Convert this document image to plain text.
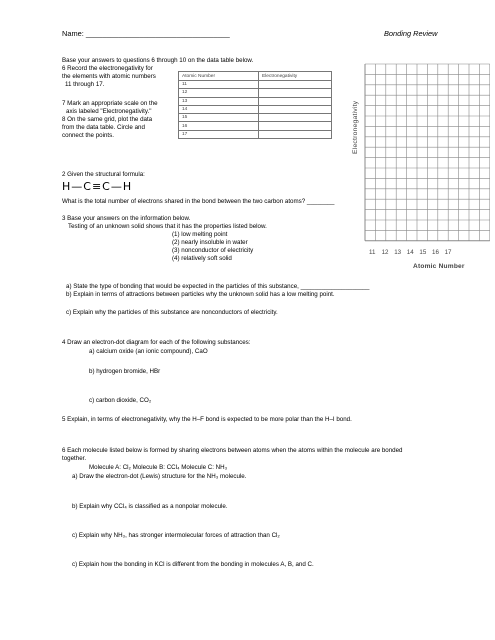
Name: ___________________________________	Bonding Review
Base your answers to questions 6 through 10 on the data table below.
6 Record the electronegativity for
the elements with atomic numbers
11 through 17.
7 Mark an appropriate scale on the
axis labeled "Electronegativity."
8 On the same grid, plot the data
from the data table. Circle and
connect the points.
Atomic Number	Electronegativity
11	
12	
13	
14	
15	
16	
17		Electronegativity
11 12 13 14 15 16 17
Atomic Number
2 Given the structural formula:
H—C≡C—H
What is the total number of electrons shared in the bond between the two carbon atoms? ________
3 Base your answers on the information below.
Testing of an unknown solid shows that it has the properties listed below.
(1) low melting point
(2) nearly insoluble in water
(3) nonconductor of electricity
(4) relatively soft solid
a) State the type of bonding that would be expected in the particles of this substance, ____________________
b) Explain in terms of attractions between particles why the unknown solid has a low melting point.
c) Explain why the particles of this substance are nonconductors of electricity.
4 Draw an electron-dot diagram for each of the following substances:
a) calcium oxide (an ionic compound), CaO
b) hydrogen bromide, HBr
c) carbon dioxide, CO₂
5 Explain, in terms of electronegativity, why the H–F bond is expected to be more polar than the H–I bond.
6 Each molecule listed below is formed by sharing electrons between atoms when the atoms within the molecule are bonded
together.
Molecule A: Cl₂ Molecule B: CCl₄ Molecule C: NH₃
a) Draw the electron-dot (Lewis) structure for the NH₃ molecule.
b) Explain why CCl₄ is classified as a nonpolar molecule.
c) Explain why NH₃, has stronger intermolecular forces of attraction than Cl₂
c) Explain how the bonding in KCl is different from the bonding in molecules A, B, and C.
